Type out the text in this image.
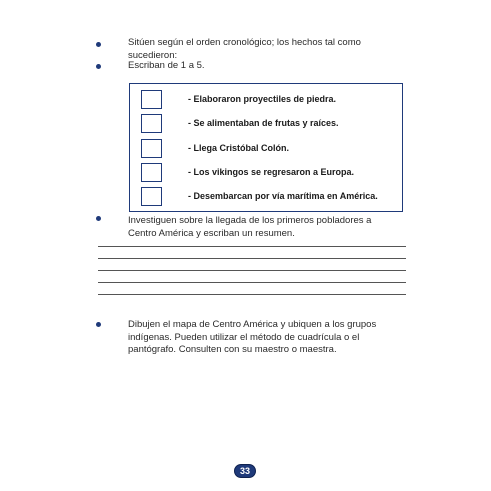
Sitúen según el orden cronológico; los hechos tal como
sucedieron:
Escriban de 1 a 5.
- Elaboraron proyectiles de piedra.
- Se alimentaban de frutas y raíces.
- Llega Cristóbal Colón.
- Los vikingos se regresaron a Europa.
- Desembarcan por vía marítima en América.
Investiguen sobre la llegada de los primeros pobladores a
Centro América y escriban un resumen.
Dibujen el mapa de Centro América y ubiquen a los grupos
indígenas. Pueden utilizar el método de cuadrícula o el
pantógrafo. Consulten con su maestro o maestra.
33
